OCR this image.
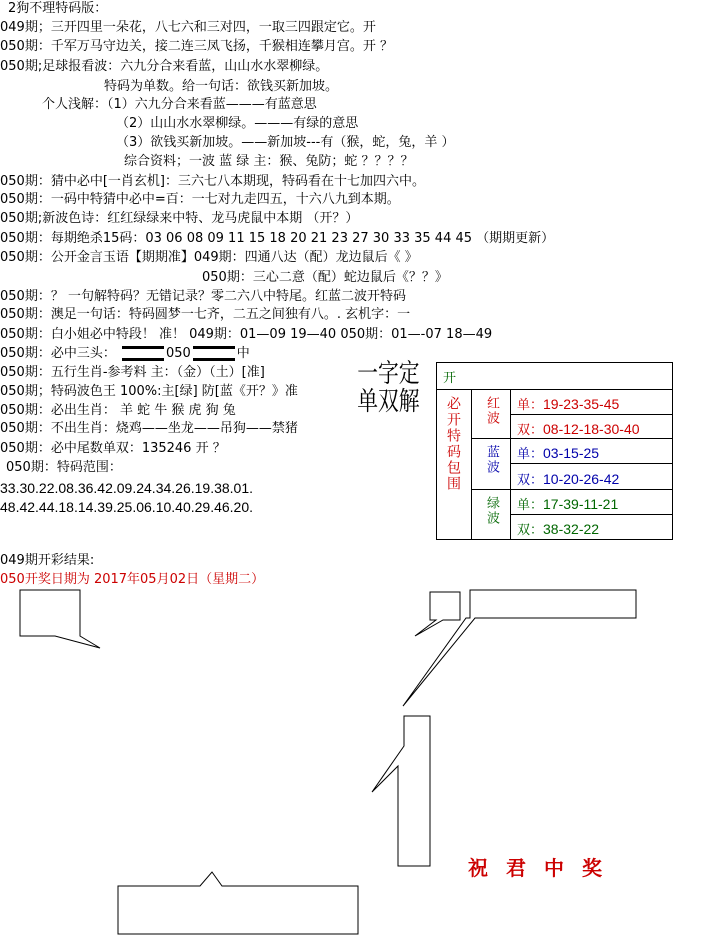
2狗不理特码版：
049期；三开四里一朵花，八七六和三对四，一取三四跟定它。开
050期：千军万马守边关，接二连三凤飞扬，千猴相连攀月宫。开 ？
050期;足球报看波：六九分合来看蓝，山山水水翠柳绿。
特码为单数。给一句话：欲钱买新加坡。
个人浅解：（1）六九分合来看蓝———有蓝意思
（2）山山水水翠柳绿。———有绿的意思
（3）欲钱买新加坡。——新加坡---有（猴，蛇，兔，羊 ）
综合资料；一波 蓝 绿 主：猴、兔防；蛇 ？？？？
050期：猜中必中[一肖玄机]：三六七八本期现，特码看在十七加四六中。
050期：一码中特猜中必中=百：一七对九走四五，十六八九到本期。
050期;新波色诗：红红绿绿来中特、龙马虎鼠中本期 （开？）
050期：每期绝杀15码：03 06 08 09 11 15 18 20 21 23 27 30 33 35 44 45 （期期更新）
050期：公开金言玉语【期期准】049期：四通八达（配）龙边鼠后《 》
050期：三心二意（配）蛇边鼠后《？？》
050期：？ 一句解特码？无错记录？零二六八中特尾。红蓝二波开特码
050期：澳足一句话：特码圆梦一七齐，二五之间独有八。. 玄机字：一
050期：白小姐必中特段！ 准！ 049期：01—09 19—40 050期：01—-07 18—49
050期：必中三头：	050	中
050期：五行生肖-参考料 主：（金）（土）[准]
050期；特码波色王 100%:主[绿] 防[蓝《开？》准
050期：必出生肖： 羊 蛇 牛 猴 虎 狗 兔
050期：不出生肖：烧鸡——坐龙——吊狗——禁猪
050期：必中尾数单双：135246 开 ？
050期：特码范围：
33.30.22.08.36.42.09.24.34.26.19.38.01.
48.42.44.18.14.39.25.06.10.40.29.46.20.
一字定单双解
开
必开特码包围 红波 单：19-23-35-45
双：08-12-18-30-40
蓝波 单：03-15-25
双：10-20-26-42
绿波 单：17-39-11-21
双：38-32-22
049期开彩结果:
050开奖日期为 2017年05月02日（星期二）
祝君中奖
